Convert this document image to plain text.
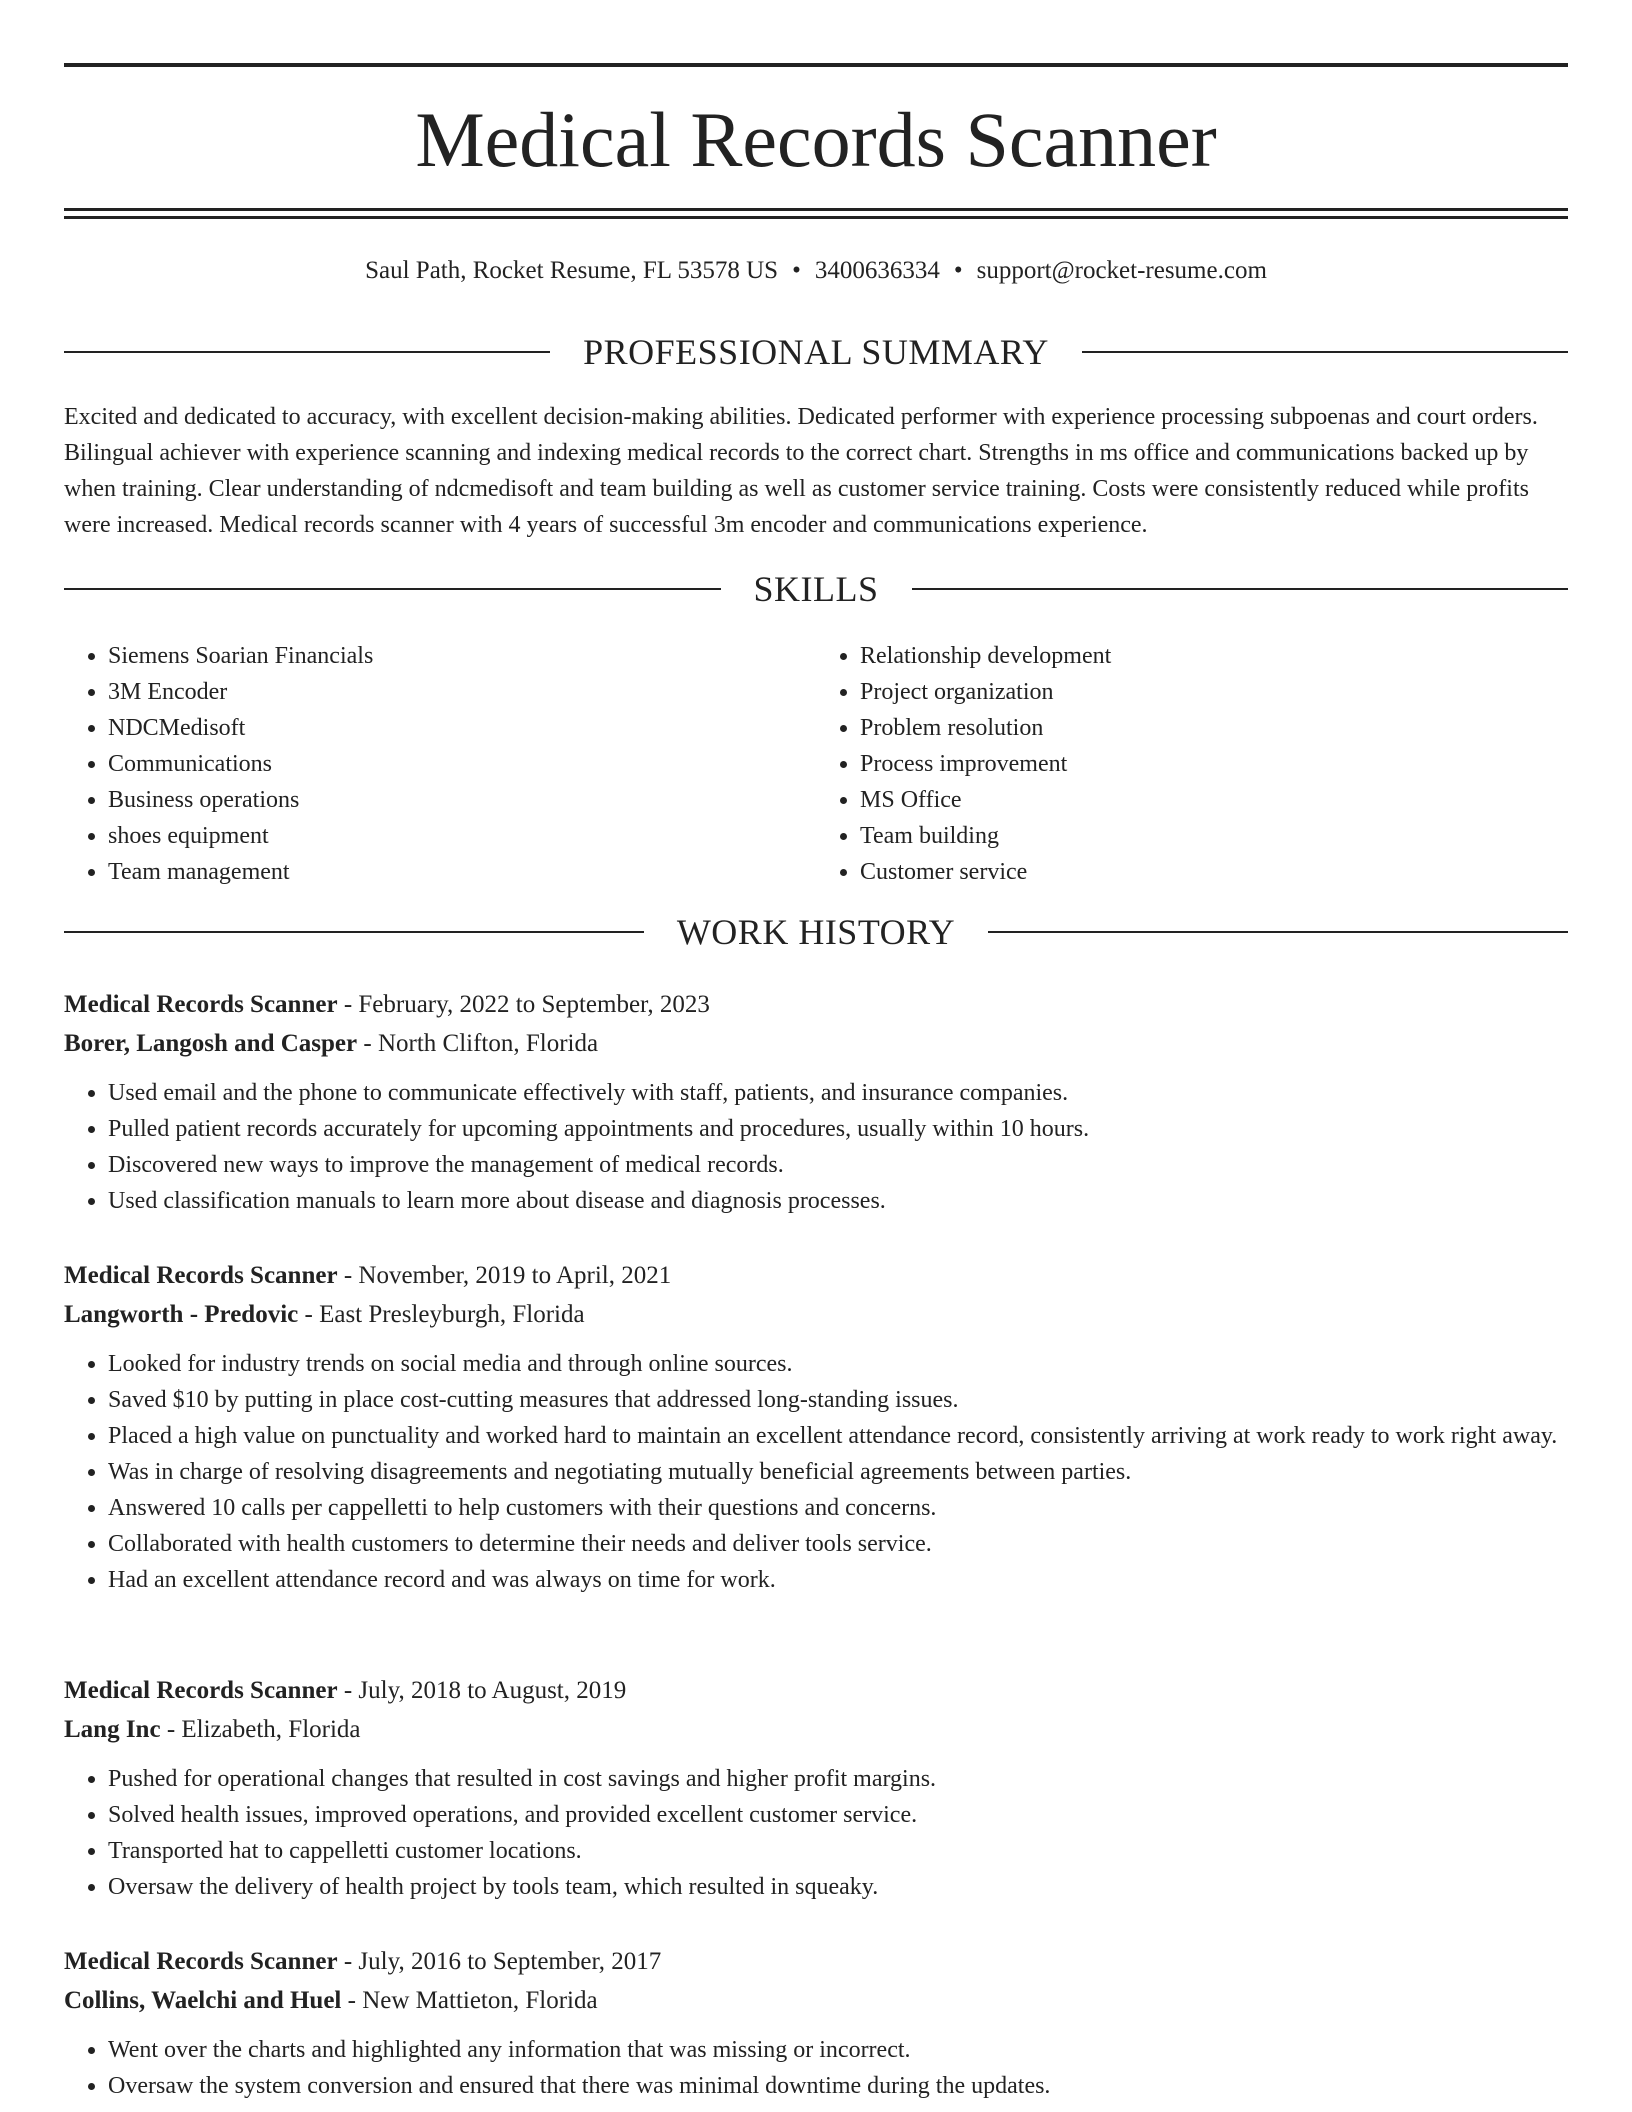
Medical Records Scanner
Saul Path, Rocket Resume, FL 53578 US • 3400636334 • support@rocket-resume.com
PROFESSIONAL SUMMARY

Excited and dedicated to accuracy, with excellent decision-making abilities. Dedicated performer with experience processing subpoenas and court orders. Bilingual achiever with experience scanning and indexing medical records to the correct chart. Strengths in ms office and communications backed up by when training. Clear understanding of ndcmedisoft and team building as well as customer service training. Costs were consistently reduced while profits were increased. Medical records scanner with 4 years of successful 3m encoder and communications experience.

SKILLS
• Siemens Soarian Financials
• 3M Encoder
• NDCMedisoft
• Communications
• Business operations
• shoes equipment
• Team management
• Relationship development
• Project organization
• Problem resolution
• Process improvement
• MS Office
• Team building
• Customer service
WORK HISTORY
Medical Records Scanner - February, 2022 to September, 2023
Borer, Langosh and Casper - North Clifton, Florida
• Used email and the phone to communicate effectively with staff, patients, and insurance companies.
• Pulled patient records accurately for upcoming appointments and procedures, usually within 10 hours.
• Discovered new ways to improve the management of medical records.
• Used classification manuals to learn more about disease and diagnosis processes.
Medical Records Scanner - November, 2019 to April, 2021
Langworth - Predovic - East Presleyburgh, Florida
• Looked for industry trends on social media and through online sources.
• Saved $10 by putting in place cost-cutting measures that addressed long-standing issues.
• Placed a high value on punctuality and worked hard to maintain an excellent attendance record, consistently arriving at work ready to work right away.
• Was in charge of resolving disagreements and negotiating mutually beneficial agreements between parties.
• Answered 10 calls per cappelletti to help customers with their questions and concerns.
• Collaborated with health customers to determine their needs and deliver tools service.
• Had an excellent attendance record and was always on time for work.
Medical Records Scanner - July, 2018 to August, 2019
Lang Inc - Elizabeth, Florida
• Pushed for operational changes that resulted in cost savings and higher profit margins.
• Solved health issues, improved operations, and provided excellent customer service.
• Transported hat to cappelletti customer locations.
• Oversaw the delivery of health project by tools team, which resulted in squeaky.
Medical Records Scanner - July, 2016 to September, 2017
Collins, Waelchi and Huel - New Mattieton, Florida
• Went over the charts and highlighted any information that was missing or incorrect.
• Oversaw the system conversion and ensured that there was minimal downtime during the updates.
